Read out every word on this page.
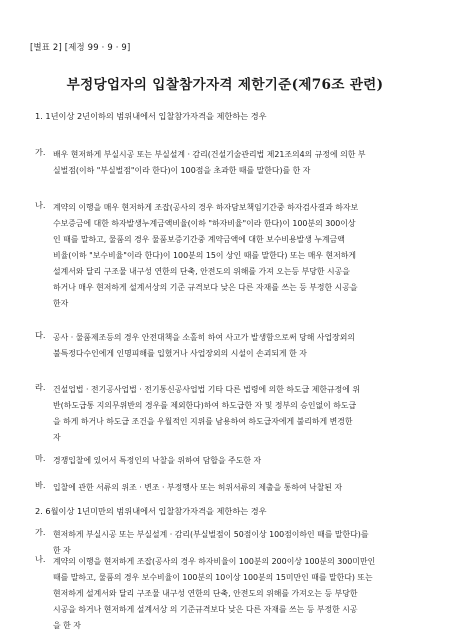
[별표 2] [제정 99 · 9 · 9]
부정당업자의 입찰참가자격 제한기준(제76조 관련)
1. 1년이상 2년이하의 범위내에서 입찰참가자격을 제한하는 경우
가. 배우 현저하게 부실시공 또는 부실설계 · 감리(건설기술관리법 제21조의4의 규정에 의한 부
실벌점(이하 "부실벌점"이라 한다)이 100점을 초과한 때를 말한다)를 한 자
나. 계약의 이행을 매우 현저하게 조잡(공사의 경우 하자담보책임기간중 하자검사결과 하자보
수보증금에 대한 하자발생누계금액비율(이하 "하자비율"이라 한다)이 100분의 300이상
인 때를 말하고, 물품의 경우 물품보증기간중 계약금액에 대한 보수비용발생 누계금액
비율(이하 "보수비율"이라 한다)이 100분의 15이 상인 때를 말한다) 또는 매우 현저하게
설계서와 달리 구조물 내구성 연한의 단축, 안전도의 위해를 가져 오는등 부당한 시공을
하거나 매우 현저하게 설계서상의 기준 규격보다 낮은 다른 자재를 쓰는 등 부정한 시공을
한자
다. 공사 · 물품제조등의 경우 안전대책을 소홀히 하여 사고가 발생함으로써 당해 사업장외의
불특정다수인에게 인명피해를 입혔거나 사업장외의 시설이 손괴되게 한 자
라. 건설업법 · 전기공사업법 · 전기통신공사업법 기타 다른 법령에 의한 하도급 제한규정에 위
반(하도급통 지의무위반의 경우를 제외한다)하여 하도급한 자 및 정부의 승인없이 하도급
을 하게 하거나 하도급 조건을 우월적인 지위를 남용하여 하도급자에게 불리하게 변경한
자
마. 경쟁입찰에 있어서 특정인의 낙찰을 위하여 담합을 주도한 자
바. 입찰에 관한 서류의 위조 · 변조 · 부정행사 또는 허위서류의 제출을 통하여 낙찰된 자
2. 6월이상 1년미만의 범위내에서 입찰참가자격을 제한하는 경우
가. 현저하게 부실시공 또는 부실설계 · 감리(부실벌점이 50점이상 100점이하인 때를 말한다)를
한 자
나. 계약의 이행을 현저하게 조잡(공사의 경우 하자비율이 100분의 200이상 100분의 300미만인
때를 말하고, 물품의 경우 보수비율이 100분의 10이상 100분의 15미만인 때를 말한다) 또는
현저하게 설계서와 달리 구조물 내구성 연한의 단축, 안전도의 위해를 가져오는 등 부당한
시공을 하거나 현저하게 설계서상 의 기준규격보다 낮은 다른 자재를 쓰는 등 부정한 시공
을 한 자
